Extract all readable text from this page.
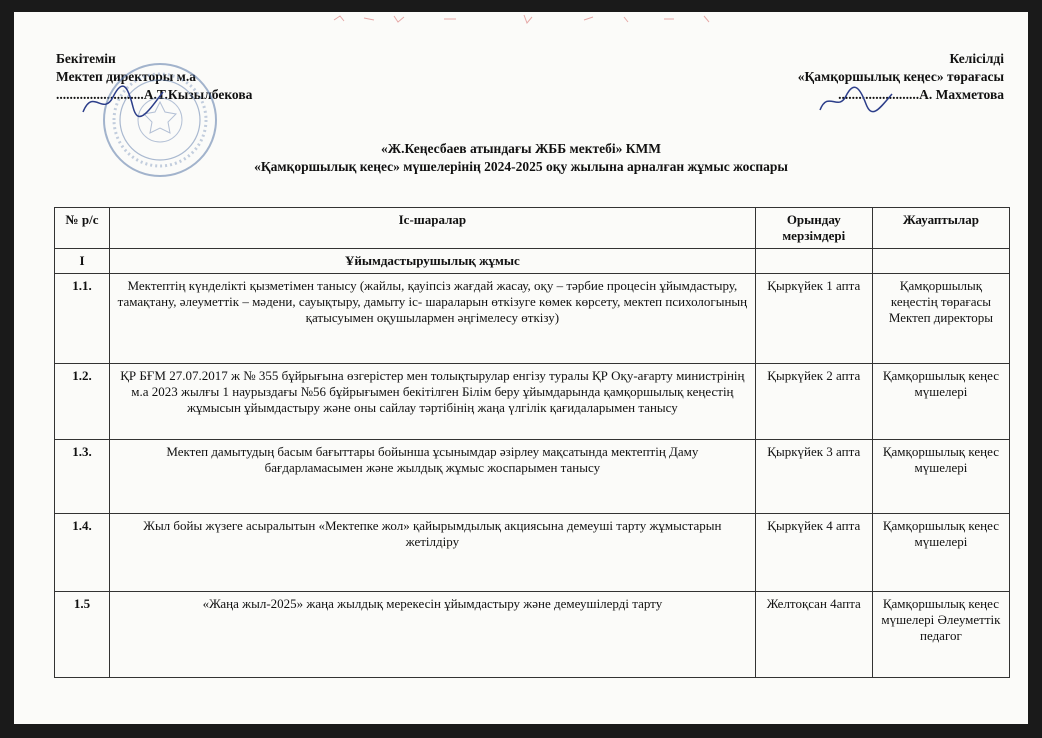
Бекітемін
Мектеп директоры м.а
..........................А.Т.Кызылбекова
Келісілді
«Қамқоршылық кеңес» төрағасы
........................А. Махметова
«Ж.Кеңесбаев атындағы ЖББ мектебі» КММ
«Қамқоршылық кеңес» мүшелерінің 2024-2025 оқу жылына арналған жұмыс жоспары
№ р/с	Іс-шаралар	Орындау мерзімдері	Жауаптылар
I	Ұйымдастырушылық жұмыс		
1.1.	Мектептің күнделікті қызметімен танысу (жайлы, қауіпсіз жағдай жасау, оқу – тәрбие процесін ұйымдастыру, тамақтану, әлеуметтік – мәдени, сауықтыру, дамыту іс- шараларын өткізуге көмек көрсету, мектеп психологының қатысуымен оқушылармен әңгімелесу өткізу)	Қыркүйек 1 апта	Қамқоршылық кеңестің төрағасы Мектеп директоры
1.2.	ҚР БҒМ 27.07.2017 ж № 355 бұйрығына өзгерістер мен толықтырулар енгізу туралы ҚР Оқу-ағарту министрінің м.а 2023 жылғы 1 наурыздағы №56 бұйрығымен бекітілген Білім беру ұйымдарында қамқоршылық кеңестің жұмысын ұйымдастыру және оны сайлау тәртібінің жаңа үлгілік қағидаларымен танысу	Қыркүйек 2 апта	Қамқоршылық кеңес мүшелері
1.3.	Мектеп дамытудың басым бағыттары бойынша ұсынымдар әзірлеу мақсатында мектептің Даму бағдарламасымен және жылдық жұмыс жоспарымен танысу	Қыркүйек 3 апта	Қамқоршылық кеңес мүшелері
1.4.	Жыл бойы жүзеге асыралытын «Мектепке жол» қайырымдылық акциясына демеуші тарту жұмыстарын жетілдіру	Қыркүйек 4 апта	Қамқоршылық кеңес мүшелері
1.5	«Жаңа жыл-2025» жаңа жылдық мерекесін ұйымдастыру және демеушілерді тарту	Желтоқсан 4апта	Қамқоршылық кеңес мүшелері Әлеуметтік педагог
